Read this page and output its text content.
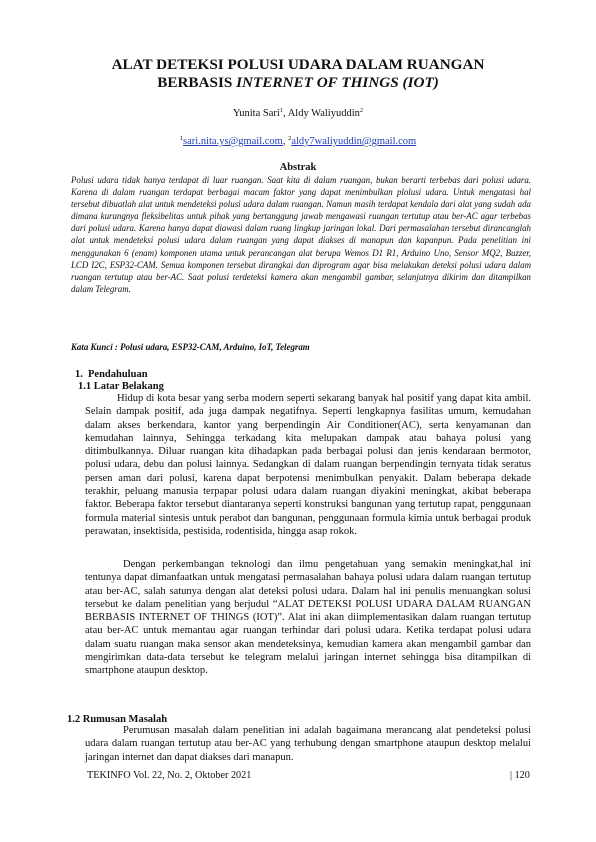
ALAT DETEKSI POLUSI UDARA DALAM RUANGAN
BERBASIS INTERNET OF THINGS (IOT)
Yunita Sari$^1$, Aldy Waliyuddin$^2$
$^1$sari.nita.ys@gmail.com, $^2$aldy7waliyuddin@gmail.com
Abstrak

Polusi udara tidak hanya terdapat di luar ruangan. Saat kita di dalam ruangan, bukan berarti terbebas dari polusi udara. Karena di dalam ruangan terdapat berbagai macam faktor yang dapat menimbulkan plolusi udara. Untuk mengatasi hal tersebut dibuatlah alat untuk mendeteksi polusi udara dalam ruangan. Namun masih terdapat kendala dari alat yang sudah ada dimana kurangnya fleksibelitas untuk pihak yang bertanggung jawab mengawasi ruangan tertutup atau ber-AC agar terbebas dari polusi udara. Karena hanya dapat diawasi dalam ruang lingkup jaringan lokal. Dari permasalahan tersebut dirancanglah alat untuk mendeteksi polusi udara dalam ruangan yang dapat diakses di manapun dan kapanpun. Pada penelitian ini menggunakan 6 (enam) komponen utama untuk perancangan alat berupa Wemos D1 R1, Arduino Uno, Sensor MQ2, Buzzer, LCD I2C, ESP32-CAM. Semua komponen tersebut dirangkai dan diprogram agar bisa melakukan deteksi polusi udara dalam ruangan tertutup atau ber-AC. Saat polusi terdeteksi kamera akan mengambil gambar, selanjutnya dikirim dan ditampilkan dalam Telegram.

Kata Kunci : Polusi udara, ESP32-CAM, Arduino, IoT, Telegram
1. Pendahuluan
1.1 Latar Belakang

Hidup di kota besar yang serba modern seperti sekarang banyak hal positif yang dapat kita ambil. Selain dampak positif, ada juga dampak negatifnya. Seperti lengkapnya fasilitas umum, kemudahan dalam akses berkendara, kantor yang berpendingin Air Conditioner(AC), serta kenyamanan dan kemudahan lainnya, Sehingga terkadang kita melupakan dampak atau bahaya polusi yang ditimbulkannya. Diluar ruangan kita dihadapkan pada berbagai polusi dan jenis kendaraan bermotor, polusi udara, debu dan polusi lainnya. Sedangkan di dalam ruangan berpendingin ternyata tidak seratus persen aman dari polusi, karena dapat berpotensi menimbulkan penyakit. Dalam beberapa dekade terakhir, peluang manusia terpapar polusi udara dalam ruangan diyakini meningkat, akibat beberapa faktor. Beberapa faktor tersebut diantaranya seperti konstruksi bangunan yang tertutup rapat, penggunaan formula material sintesis untuk perabot dan bangunan, penggunaan formula kimia untuk berbagai produk perawatan, insektisida, pestisida, rodentisida, hingga asap rokok.

Dengan perkembangan teknologi dan ilmu pengetahuan yang semakin meningkat,hal ini tentunya dapat dimanfaatkan untuk mengatasi permasalahan bahaya polusi udara dalam ruangan tertutup atau ber-AC, salah satunya dengan alat deteksi polusi udara. Dalam hal ini penulis menuangkan solusi tersebut ke dalam penelitian yang berjudul “ALAT DETEKSI POLUSI UDARA DALAM RUANGAN BERBASIS INTERNET OF THINGS (IOT)”. Alat ini akan diimplementasikan dalam ruangan tertutup atau ber-AC untuk memantau agar ruangan terhindar dari polusi udara. Ketika terdapat polusi udara dalam suatu ruangan maka sensor akan mendeteksinya, kemudian kamera akan mengambil gambar dan mengirimkan data-data tersebut ke telegram melalui jaringan internet sehingga bisa ditampilkan di smartphone ataupun desktop.

1.2 Rumusan Masalah

Perumusan masalah dalam penelitian ini adalah bagaimana merancang alat pendeteksi polusi udara dalam ruangan tertutup atau ber-AC yang terhubung dengan smartphone ataupun desktop melalui jaringan internet dan dapat diakses dari manapun.

TEKINFO Vol. 22, No. 2, Oktober 2021	| 120
